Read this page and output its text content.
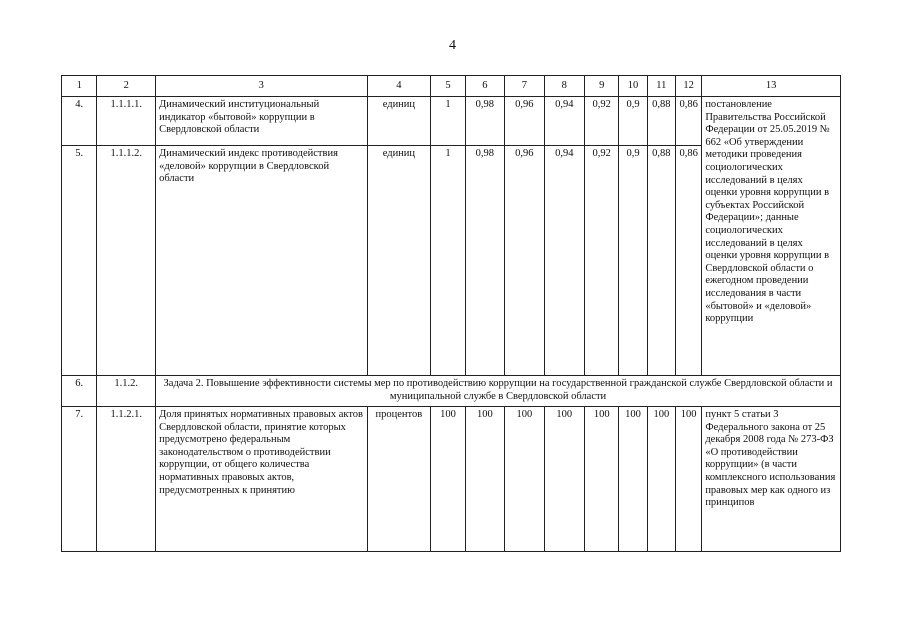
4
1	2	3	4	5	6	7	8	9	10	11	12	13
4.	1.1.1.1.	Динамический институциональный индикатор «бытовой» коррупции в Свердловской области	единиц	1	0,98	0,96	0,94	0,92	0,9	0,88	0,86	постановление Правительства Российской Федерации от 25.05.2019 № 662 «Об утверждении методики проведения социологических исследований в целях оценки уровня коррупции в субъектах Российской Федерации»; данные социологических исследований в целях оценки уровня коррупции в Свердловской области о ежегодном проведении исследования в части «бытовой» и «деловой» коррупции
5.	1.1.1.2.	Динамический индекс противодействия «деловой» коррупции в Свердловской области	единиц	1	0,98	0,96	0,94	0,92	0,9	0,88	0,86	
6.	1.1.2.	Задача 2. Повышение эффективности системы мер по противодействию коррупции на государственной гражданской службе Свердловской области и муниципальной службе в Свердловской области										
7.	1.1.2.1.	Доля принятых нормативных правовых актов Свердловской области, принятие которых предусмотрено федеральным законодательством о противодействии коррупции, от общего количества нормативных правовых актов, предусмотренных к принятию	процентов	100	100	100	100	100	100	100	100	пункт 5 статьи 3 Федерального закона от 25 декабря 2008 года № 273-ФЗ «О противодействии коррупции» (в части комплексного использования правовых мер как одного из принципов
